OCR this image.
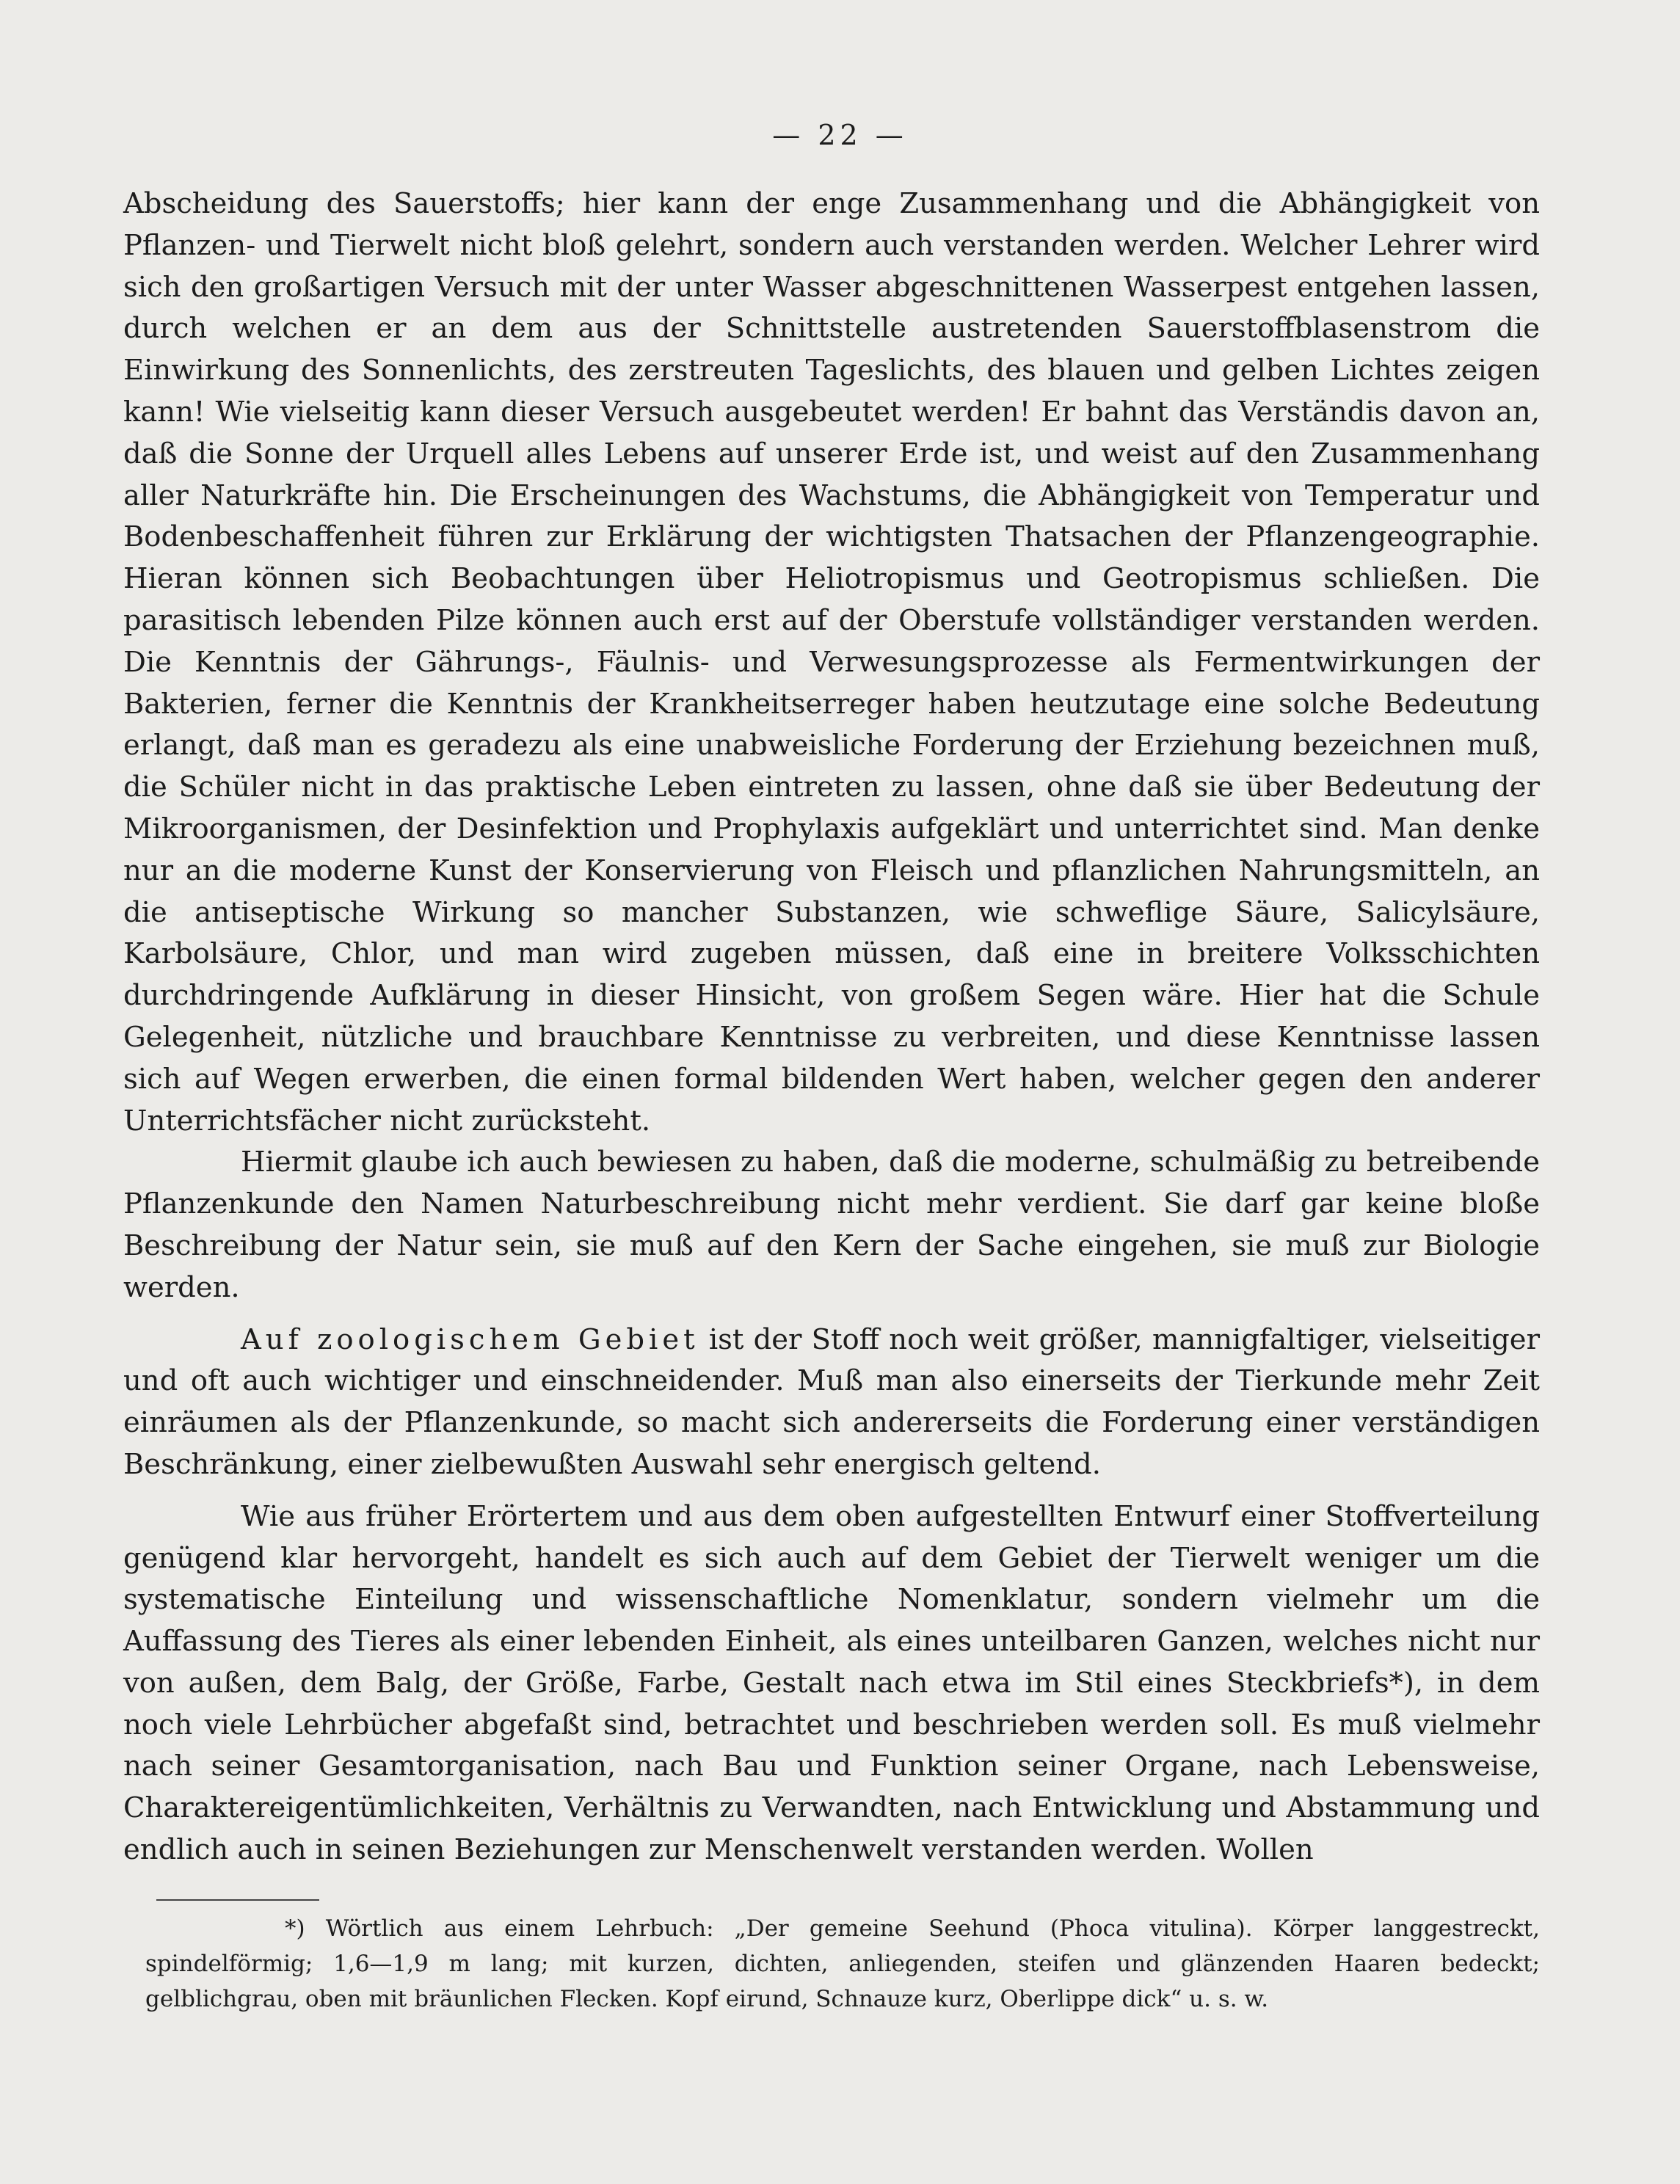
— 22 —

Abscheidung des Sauerstoffs; hier kann der enge Zusammenhang und die Abhängigkeit von Pflanzen- und Tierwelt nicht bloß gelehrt, sondern auch verstanden werden. Welcher Lehrer wird sich den großartigen Versuch mit der unter Wasser abgeschnittenen Wasserpest entgehen lassen, durch welchen er an dem aus der Schnittstelle austretenden Sauerstoffblasenstrom die Einwirkung des Sonnenlichts, des zerstreuten Tageslichts, des blauen und gelben Lichtes zeigen kann! Wie vielseitig kann dieser Versuch ausgebeutet werden! Er bahnt das Verständis davon an, daß die Sonne der Urquell alles Lebens auf unserer Erde ist, und weist auf den Zusammenhang aller Naturkräfte hin. Die Erscheinungen des Wachstums, die Abhängigkeit von Temperatur und Bodenbeschaffenheit führen zur Erklärung der wichtigsten Thatsachen der Pflanzengeographie. Hieran können sich Beobachtungen über Heliotropismus und Geotropismus schließen. Die parasitisch lebenden Pilze können auch erst auf der Oberstufe vollständiger verstanden werden. Die Kenntnis der Gährungs-, Fäulnis- und Verwesungsprozesse als Fermentwirkungen der Bakterien, ferner die Kenntnis der Krankheitserreger haben heutzutage eine solche Bedeutung erlangt, daß man es geradezu als eine unabweisliche Forderung der Erziehung bezeichnen muß, die Schüler nicht in das praktische Leben eintreten zu lassen, ohne daß sie über Bedeutung der Mikroorganismen, der Desinfektion und Prophylaxis aufgeklärt und unterrichtet sind. Man denke nur an die moderne Kunst der Konservierung von Fleisch und pflanzlichen Nahrungsmitteln, an die antiseptische Wirkung so mancher Substanzen, wie schweflige Säure, Salicylsäure, Karbolsäure, Chlor, und man wird zugeben müssen, daß eine in breitere Volksschichten durchdringende Aufklärung in dieser Hinsicht, von großem Segen wäre. Hier hat die Schule Gelegenheit, nützliche und brauchbare Kenntnisse zu verbreiten, und diese Kenntnisse lassen sich auf Wegen erwerben, die einen formal bildenden Wert haben, welcher gegen den anderer Unterrichtsfächer nicht zurücksteht.

Hiermit glaube ich auch bewiesen zu haben, daß die moderne, schulmäßig zu betreibende Pflanzenkunde den Namen Naturbeschreibung nicht mehr verdient. Sie darf gar keine bloße Beschreibung der Natur sein, sie muß auf den Kern der Sache eingehen, sie muß zur Biologie werden.

Auf zoologischem Gebiet ist der Stoff noch weit größer, mannigfaltiger, vielseitiger und oft auch wichtiger und einschneidender. Muß man also einerseits der Tierkunde mehr Zeit einräumen als der Pflanzenkunde, so macht sich andererseits die Forderung einer verständigen Beschränkung, einer zielbewußten Auswahl sehr energisch geltend.

Wie aus früher Erörtertem und aus dem oben aufgestellten Entwurf einer Stoffverteilung genügend klar hervorgeht, handelt es sich auch auf dem Gebiet der Tierwelt weniger um die systematische Einteilung und wissenschaftliche Nomenklatur, sondern vielmehr um die Auffassung des Tieres als einer lebenden Einheit, als eines unteilbaren Ganzen, welches nicht nur von außen, dem Balg, der Größe, Farbe, Gestalt nach etwa im Stil eines Steckbriefs*), in dem noch viele Lehrbücher abgefaßt sind, betrachtet und beschrieben werden soll. Es muß vielmehr nach seiner Gesamtorganisation, nach Bau und Funktion seiner Organe, nach Lebensweise, Charaktereigentümlichkeiten, Verhältnis zu Verwandten, nach Entwicklung und Abstammung und endlich auch in seinen Beziehungen zur Menschenwelt verstanden werden. Wollen

*) Wörtlich aus einem Lehrbuch: „Der gemeine Seehund (Phoca vitulina). Körper langgestreckt, spindelförmig; 1,6—1,9 m lang; mit kurzen, dichten, anliegenden, steifen und glänzenden Haaren bedeckt; gelblichgrau, oben mit bräunlichen Flecken. Kopf eirund, Schnauze kurz, Oberlippe dick“ u. s. w.
